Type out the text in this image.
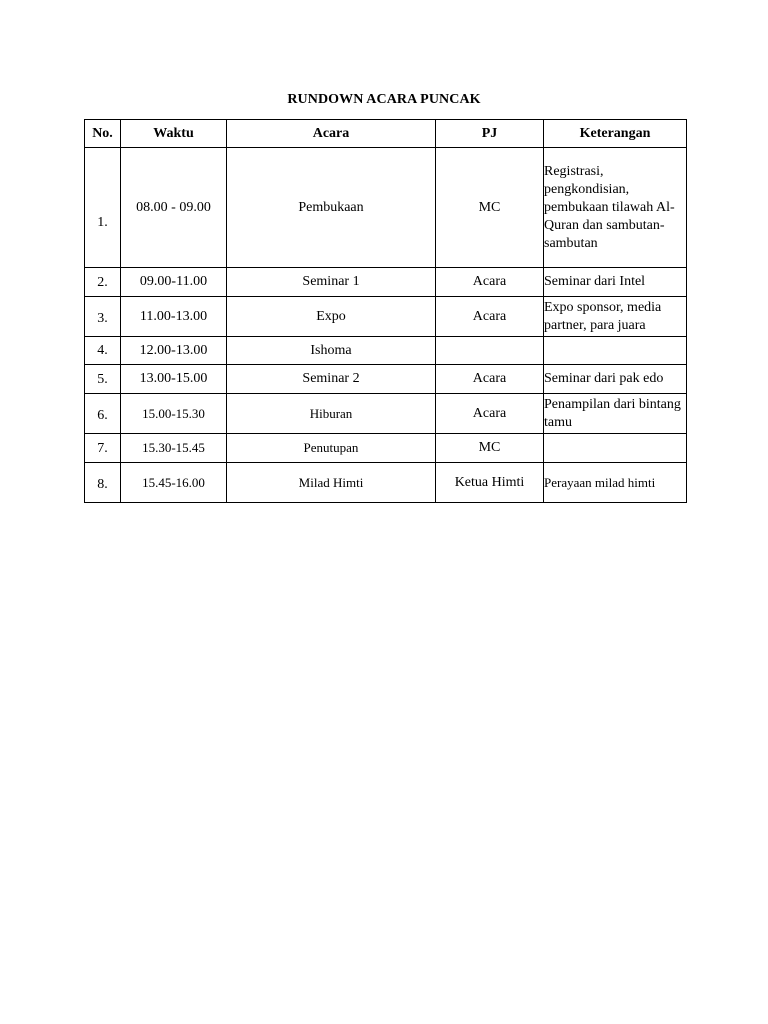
RUNDOWN ACARA PUNCAK
No.	Waktu	Acara	PJ	Keterangan
1.	08.00 - 09.00	Pembukaan	MC	Registrasi, pengkondisian, pembukaan tilawah Al-Quran dan sambutan- sambutan
2.	09.00-11.00	Seminar 1	Acara	Seminar dari Intel
3.	11.00-13.00	Expo	Acara	Expo sponsor, media partner, para juara
4.	12.00-13.00	Ishoma		
5.	13.00-15.00	Seminar 2	Acara	Seminar dari pak edo
6.	15.00-15.30	Hiburan	Acara	Penampilan dari bintang tamu
7.	15.30-15.45	Penutupan	MC	
8.	15.45-16.00	Milad Himti	Ketua Himti	Perayaan milad himti
